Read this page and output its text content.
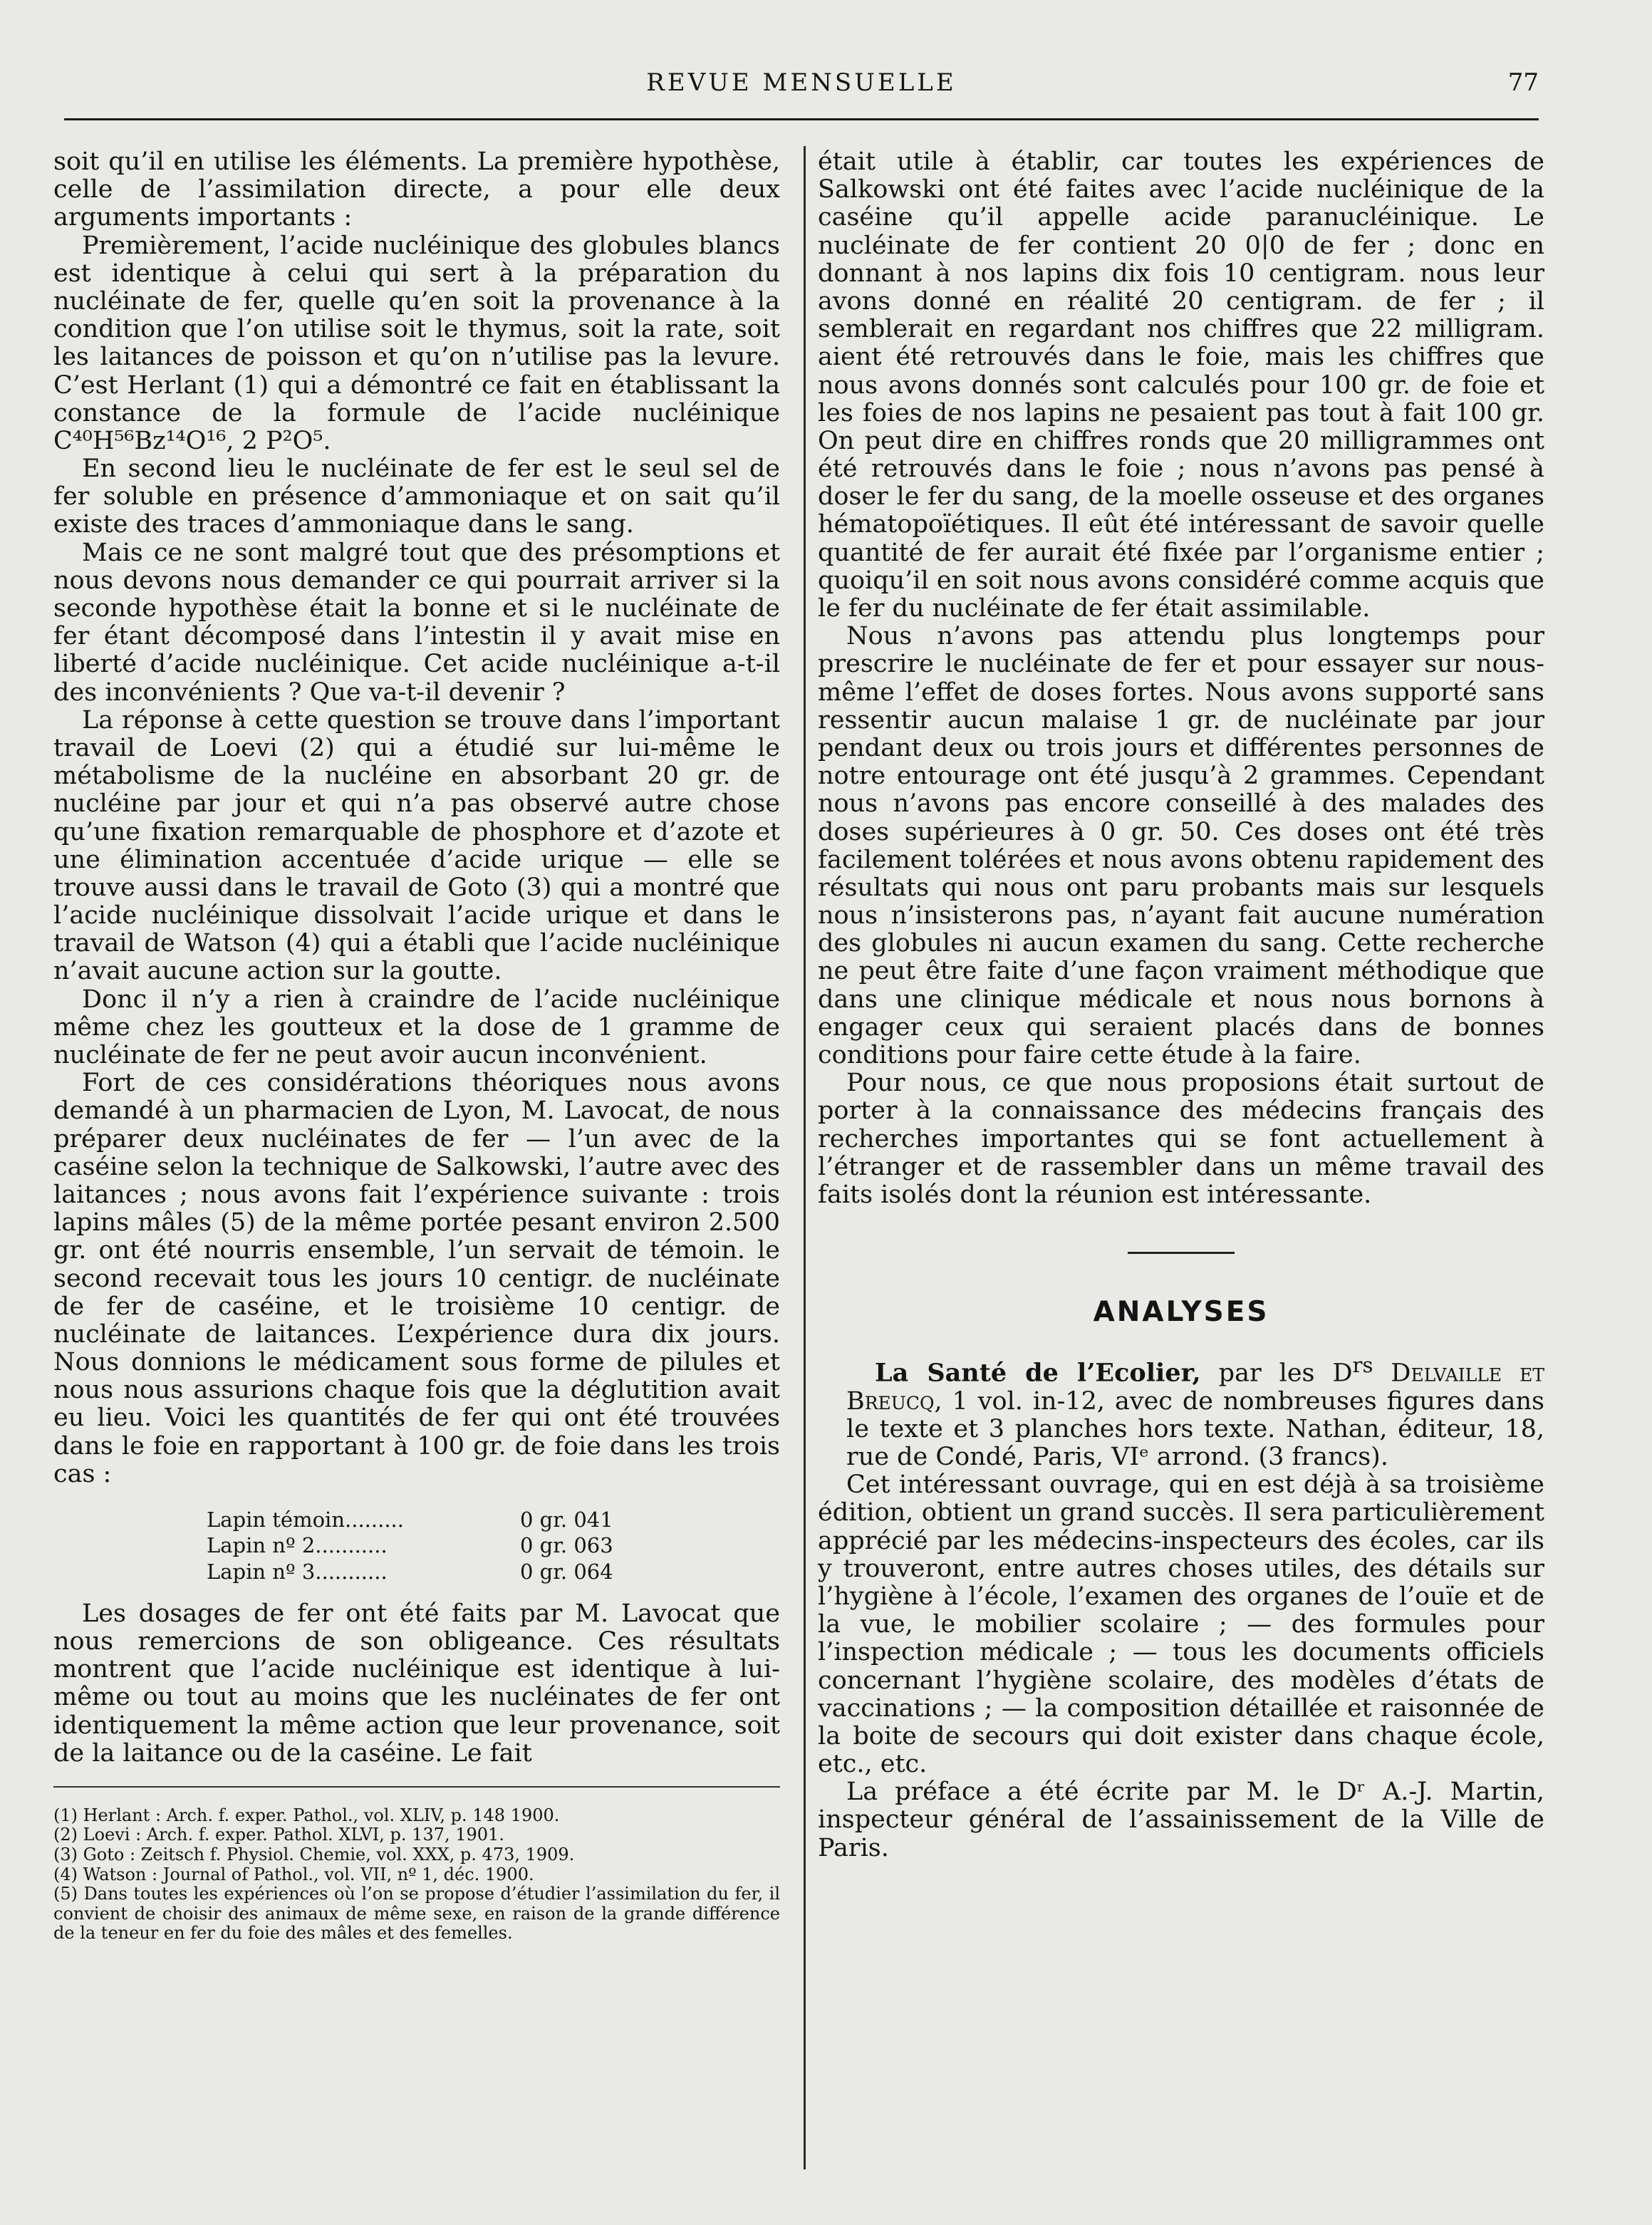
REVUE MENSUELLE	77

soit qu’il en utilise les éléments. La première hypothèse, celle de l’assimilation directe, a pour elle deux arguments importants :

Premièrement, l’acide nucléinique des globules blancs est identique à celui qui sert à la préparation du nucléinate de fer, quelle qu’en soit la provenance à la condition que l’on utilise soit le thymus, soit la rate, soit les laitances de poisson et qu’on n’utilise pas la levure. C’est Herlant (1) qui a démontré ce fait en établissant la constance de la formule de l’acide nucléinique C⁴⁰H⁵⁶Bz¹⁴O¹⁶, 2 P²O⁵.

En second lieu le nucléinate de fer est le seul sel de fer soluble en présence d’ammoniaque et on sait qu’il existe des traces d’ammoniaque dans le sang.

Mais ce ne sont malgré tout que des présomptions et nous devons nous demander ce qui pourrait arriver si la seconde hypothèse était la bonne et si le nucléinate de fer étant décomposé dans l’intestin il y avait mise en liberté d’acide nucléinique. Cet acide nucléinique a-t-il des inconvénients ? Que va-t-il devenir ?

La réponse à cette question se trouve dans l’important travail de Loevi (2) qui a étudié sur lui-même le métabolisme de la nucléine en absorbant 20 gr. de nucléine par jour et qui n’a pas observé autre chose qu’une fixation remarquable de phosphore et d’azote et une élimination accentuée d’acide urique — elle se trouve aussi dans le travail de Goto (3) qui a montré que l’acide nucléinique dissolvait l’acide urique et dans le travail de Watson (4) qui a établi que l’acide nucléinique n’avait aucune action sur la goutte.

Donc il n’y a rien à craindre de l’acide nucléinique même chez les goutteux et la dose de 1 gramme de nucléinate de fer ne peut avoir aucun inconvénient.

Fort de ces considérations théoriques nous avons demandé à un pharmacien de Lyon, M. Lavocat, de nous préparer deux nucléinates de fer — l’un avec de la caséine selon la technique de Salkowski, l’autre avec des laitances ; nous avons fait l’expérience suivante : trois lapins mâles (5) de la même portée pesant environ 2.500 gr. ont été nourris ensemble, l’un servait de témoin. le second recevait tous les jours 10 centigr. de nucléinate de fer de caséine, et le troisième 10 centigr. de nucléinate de laitances. L’expérience dura dix jours. Nous donnions le médicament sous forme de pilules et nous nous assurions chaque fois que la déglutition avait eu lieu. Voici les quantités de fer qui ont été trouvées dans le foie en rapportant à 100 gr. de foie dans les trois cas :

Lapin témoin.........	0 gr. 041
Lapin nº 2...........	0 gr. 063
Lapin nº 3...........	0 gr. 064

Les dosages de fer ont été faits par M. Lavocat que nous remercions de son obligeance. Ces résultats montrent que l’acide nucléinique est identique à lui-même ou tout au moins que les nucléinates de fer ont identiquement la même action que leur provenance, soit de la laitance ou de la caséine. Le fait

(1) Herlant : Arch. f. exper. Pathol., vol. XLIV, p. 148 1900.

(2) Loevi : Arch. f. exper. Pathol. XLVI, p. 137, 1901.

(3) Goto : Zeitsch f. Physiol. Chemie, vol. XXX, p. 473, 1909.

(4) Watson : Journal of Pathol., vol. VII, nº 1, déc. 1900.

(5) Dans toutes les expériences où l’on se propose d’étudier l’assimilation du fer, il convient de choisir des animaux de même sexe, en raison de la grande différence de la teneur en fer du foie des mâles et des femelles.

était utile à établir, car toutes les expériences de Salkowski ont été faites avec l’acide nucléinique de la caséine qu’il appelle acide paranucléinique. Le nucléinate de fer contient 20 0|0 de fer ; donc en donnant à nos lapins dix fois 10 centigram. nous leur avons donné en réalité 20 centigram. de fer ; il semblerait en regardant nos chiffres que 22 milligram. aient été retrouvés dans le foie, mais les chiffres que nous avons donnés sont calculés pour 100 gr. de foie et les foies de nos lapins ne pesaient pas tout à fait 100 gr. On peut dire en chiffres ronds que 20 milligrammes ont été retrouvés dans le foie ; nous n’avons pas pensé à doser le fer du sang, de la moelle osseuse et des organes hématopoïétiques. Il eût été intéressant de savoir quelle quantité de fer aurait été fixée par l’organisme entier ; quoiqu’il en soit nous avons considéré comme acquis que le fer du nucléinate de fer était assimilable.

Nous n’avons pas attendu plus longtemps pour prescrire le nucléinate de fer et pour essayer sur nous-même l’effet de doses fortes. Nous avons supporté sans ressentir aucun malaise 1 gr. de nucléinate par jour pendant deux ou trois jours et différentes personnes de notre entourage ont été jusqu’à 2 grammes. Cependant nous n’avons pas encore conseillé à des malades des doses supérieures à 0 gr. 50. Ces doses ont été très facilement tolérées et nous avons obtenu rapidement des résultats qui nous ont paru probants mais sur lesquels nous n’insisterons pas, n’ayant fait aucune numération des globules ni aucun examen du sang. Cette recherche ne peut être faite d’une façon vraiment méthodique que dans une clinique médicale et nous nous bornons à engager ceux qui seraient placés dans de bonnes conditions pour faire cette étude à la faire.

Pour nous, ce que nous proposions était surtout de porter à la connaissance des médecins français des recherches importantes qui se font actuellement à l’étranger et de rassembler dans un même travail des faits isolés dont la réunion est intéressante.

ANALYSES

La Santé de l’Ecolier, par les $D^{rs}$ Delvaille et Breucq, 1 vol. in-12, avec de nombreuses figures dans le texte et 3 planches hors texte. Nathan, éditeur, 18, rue de Condé, Paris, VIᵉ arrond. (3 francs).

Cet intéressant ouvrage, qui en est déjà à sa troisième édition, obtient un grand succès. Il sera particulièrement apprécié par les médecins-inspecteurs des écoles, car ils y trouveront, entre autres choses utiles, des détails sur l’hygiène à l’école, l’examen des organes de l’ouïe et de la vue, le mobilier scolaire ; — des formules pour l’inspection médicale ; — tous les documents officiels concernant l’hygiène scolaire, des modèles d’états de vaccinations ; — la composition détaillée et raisonnée de la boite de secours qui doit exister dans chaque école, etc., etc.

La préface a été écrite par M. le Dʳ A.-J. Martin, inspecteur général de l’assainissement de la Ville de Paris.
